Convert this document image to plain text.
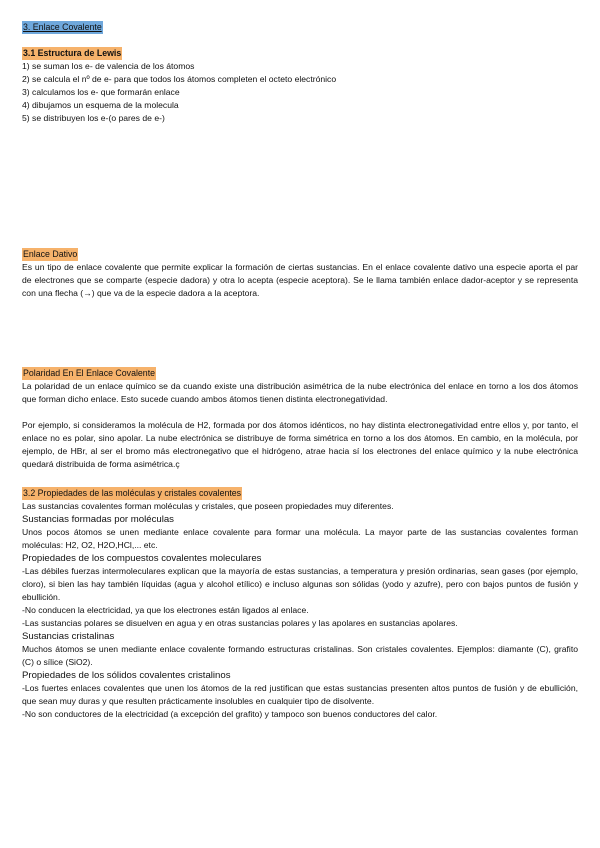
3. Enlace Covalente
3.1 Estructura de Lewis

1) se suman los e- de valencia de los átomos

2) se calcula el nº de e- para que todos los átomos completen el octeto electrónico

3) calculamos los e- que formarán enlace

4) dibujamos un esquema de la molecula

5) se distribuyen los e-(o pares de e-)

Enlace Dativo

Es un tipo de enlace covalente que permite explicar la formación de ciertas sustancias. En el enlace covalente dativo una especie aporta el par de electrones que se comparte (especie dadora) y otra lo acepta (especie aceptora). Se le llama también enlace dador-aceptor y se representa con una flecha (→) que va de la especie dadora a la aceptora.

Polaridad En El Enlace Covalente

La polaridad de un enlace químico se da cuando existe una distribución asimétrica de la nube electrónica del enlace en torno a los dos átomos que forman dicho enlace. Esto sucede cuando ambos átomos tienen distinta electronegatividad.

Por ejemplo, si consideramos la molécula de H2, formada por dos átomos idénticos, no hay distinta electronegatividad entre ellos y, por tanto, el enlace no es polar, sino apolar. La nube electrónica se distribuye de forma simétrica en torno a los dos átomos. En cambio, en la molécula, por ejemplo, de HBr, al ser el bromo más electronegativo que el hidrógeno, atrae hacia sí los electrones del enlace químico y la nube electrónica quedará distribuida de forma asimétrica.ç

3.2 Propiedades de las moléculas y cristales covalentes

Las sustancias covalentes forman moléculas y cristales, que poseen propiedades muy diferentes.

Sustancias formadas por moléculas

Unos pocos átomos se unen mediante enlace covalente para formar una molécula. La mayor parte de las sustancias covalentes forman moléculas: H2, O2, H2O,HCl,... etc.

Propiedades de los compuestos covalentes moleculares

-Las débiles fuerzas intermoleculares explican que la mayoría de estas sustancias, a temperatura y presión ordinarias, sean gases (por ejemplo, cloro), si bien las hay también líquidas (agua y alcohol etílico) e incluso algunas son sólidas (yodo y azufre), pero con bajos puntos de fusión y ebullición.

-No conducen la electricidad, ya que los electrones están ligados al enlace.

-Las sustancias polares se disuelven en agua y en otras sustancias polares y las apolares en sustancias apolares.

Sustancias cristalinas

Muchos átomos se unen mediante enlace covalente formando estructuras cristalinas. Son cristales covalentes. Ejemplos: diamante (C), grafito (C) o sílice (SiO2).

Propiedades de los sólidos covalentes cristalinos

-Los fuertes enlaces covalentes que unen los átomos de la red justifican que estas sustancias presenten altos puntos de fusión y de ebullición, que sean muy duras y que resulten prácticamente insolubles en cualquier tipo de disolvente.

-No son conductores de la electricidad (a excepción del grafito) y tampoco son buenos conductores del calor.
